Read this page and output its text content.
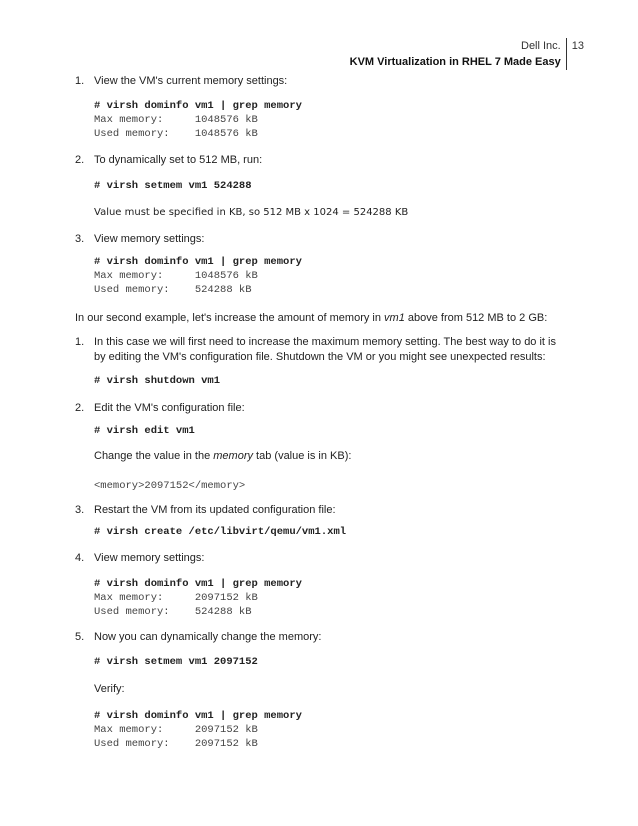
Dell Inc.
KVM Virtualization in RHEL 7 Made Easy
13
1. View the VM's current memory settings:
# virsh dominfo vm1 | grep memory
Max memory:     1048576 kB
Used memory:    1048576 kB
2. To dynamically set to 512 MB, run:
# virsh setmem vm1 524288
Value must be specified in KB, so 512 MB x 1024 = 524288 KB
3. View memory settings:
# virsh dominfo vm1 | grep memory
Max memory:     1048576 kB
Used memory:    524288 kB
In our second example, let's increase the amount of memory in vm1 above from 512 MB to 2 GB:
1. In this case we will first need to increase the maximum memory setting. The best way to do it is by editing the VM's configuration file. Shutdown the VM or you might see unexpected results:
# virsh shutdown vm1
2. Edit the VM's configuration file:
# virsh edit vm1
Change the value in the memory tab (value is in KB):
<memory>2097152</memory>
3. Restart the VM from its updated configuration file:
# virsh create /etc/libvirt/qemu/vm1.xml
4. View memory settings:
# virsh dominfo vm1 | grep memory
Max memory:     2097152 kB
Used memory:    524288 kB
5. Now you can dynamically change the memory:
# virsh setmem vm1 2097152
Verify:
# virsh dominfo vm1 | grep memory
Max memory:     2097152 kB
Used memory:    2097152 kB
